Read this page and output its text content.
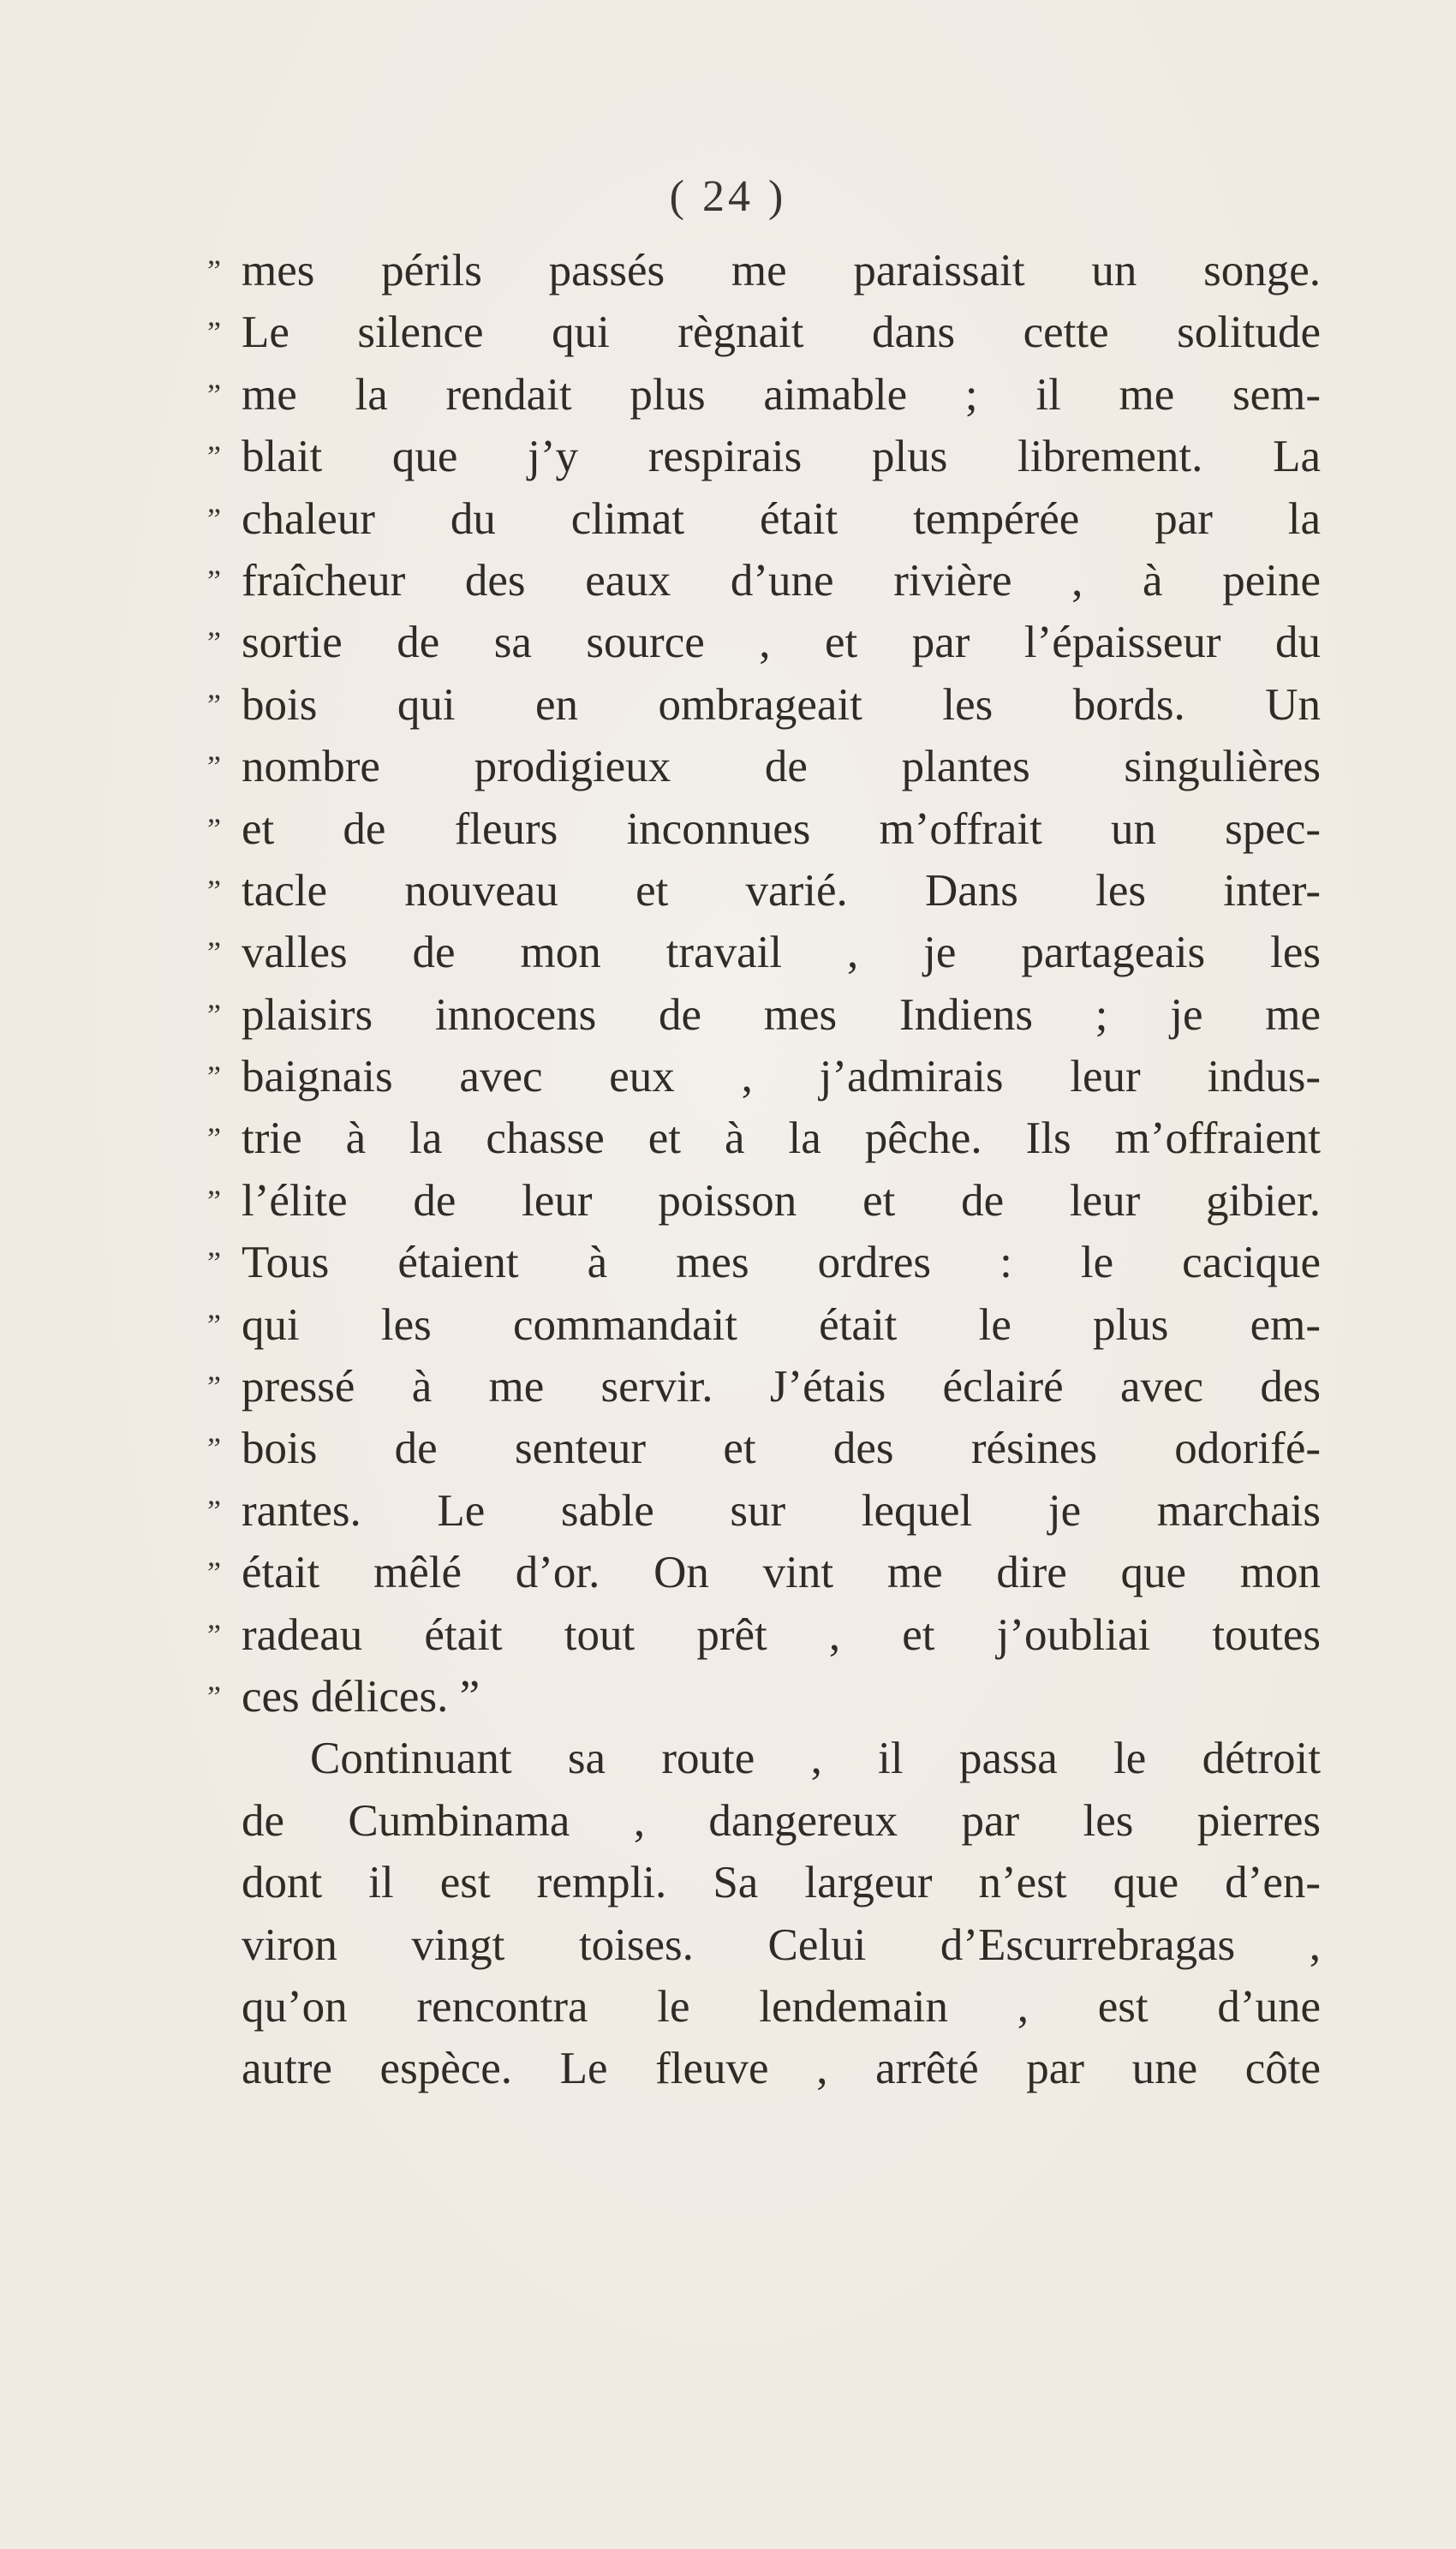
( 24 )
” mes périls passés me paraissait un songe.
” Le silence qui règnait dans cette solitude
” me la rendait plus aimable ; il me sem-
” blait que j’y respirais plus librement. La
” chaleur du climat était tempérée par la
” fraîcheur des eaux d’une rivière , à peine
” sortie de sa source , et par l’épaisseur du
” bois qui en ombrageait les bords. Un
” nombre prodigieux de plantes singulières
” et de fleurs inconnues m’offrait un spec-
” tacle nouveau et varié. Dans les inter-
” valles de mon travail , je partageais les
” plaisirs innocens de mes Indiens ; je me
” baignais avec eux , j’admirais leur indus-
” trie à la chasse et à la pêche. Ils m’offraient
” l’élite de leur poisson et de leur gibier.
” Tous étaient à mes ordres : le cacique
” qui les commandait était le plus em-
” pressé à me servir. J’étais éclairé avec des
” bois de senteur et des résines odorifé-
” rantes. Le sable sur lequel je marchais
” était mêlé d’or. On vint me dire que mon
” radeau était tout prêt , et j’oubliai toutes
” ces délices. ”
Continuant sa route , il passa le détroit
de Cumbinama , dangereux par les pierres
dont il est rempli. Sa largeur n’est que d’en-
viron vingt toises. Celui d’Escurrebragas ,
qu’on rencontra le lendemain , est d’une
autre espèce. Le fleuve , arrêté par une côte
